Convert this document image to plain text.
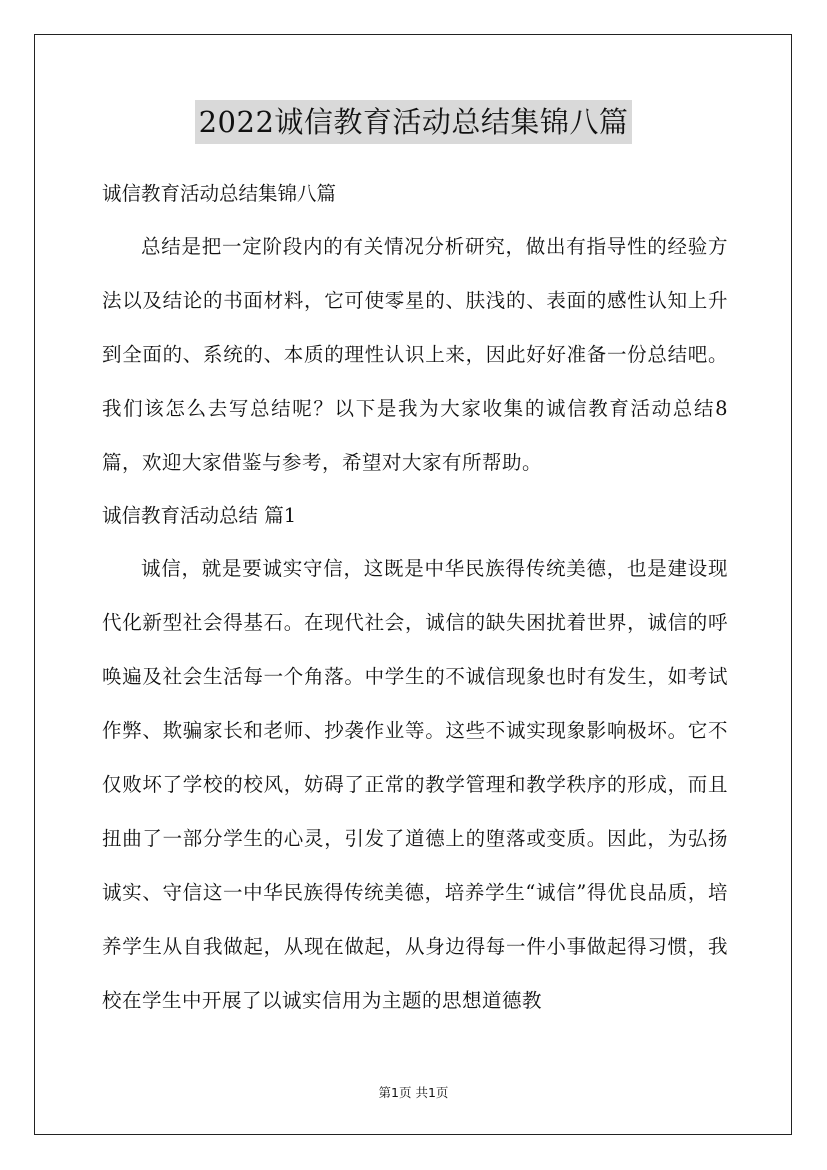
2022诚信教育活动总结集锦八篇

诚信教育活动总结集锦八篇

总结是把一定阶段内的有关情况分析研究，做出有指导性的经验方法以及结论的书面材料，它可使零星的、肤浅的、表面的感性认知上升到全面的、系统的、本质的理性认识上来，因此好好准备一份总结吧。我们该怎么去写总结呢？以下是我为大家收集的诚信教育活动总结8篇，欢迎大家借鉴与参考，希望对大家有所帮助。

诚信教育活动总结 篇1

诚信，就是要诚实守信，这既是中华民族得传统美德，也是建设现代化新型社会得基石。在现代社会，诚信的缺失困扰着世界，诚信的呼唤遍及社会生活每一个角落。中学生的不诚信现象也时有发生，如考试作弊、欺骗家长和老师、抄袭作业等。这些不诚实现象影响极坏。它不仅败坏了学校的校风，妨碍了正常的教学管理和教学秩序的形成，而且扭曲了一部分学生的心灵，引发了道德上的堕落或变质。因此，为弘扬诚实、守信这一中华民族得传统美德，培养学生“诚信”得优良品质，培养学生从自我做起，从现在做起，从身边得每一件小事做起得习惯，我校在学生中开展了以诚实信用为主题的思想道德教

第1页 共1页
